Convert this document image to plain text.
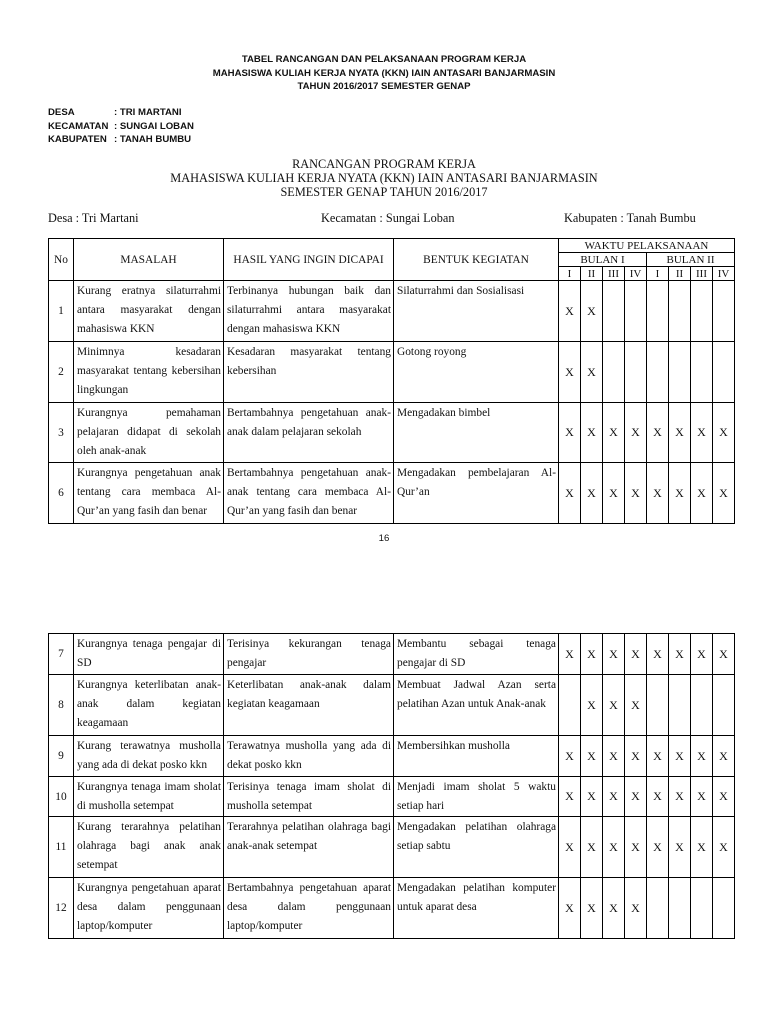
TABEL RANCANGAN DAN PELAKSANAAN PROGRAM KERJA
MAHASISWA KULIAH KERJA NYATA (KKN) IAIN ANTASARI BANJARMASIN
TAHUN 2016/2017 SEMESTER GENAP
DESA	: TRI MARTANI
KECAMATAN : SUNGAI LOBAN
KABUPATEN : TANAH BUMBU
RANCANGAN PROGRAM KERJA
MAHASISWA KULIAH KERJA NYATA (KKN) IAIN ANTASARI BANJARMASIN
SEMESTER GENAP TAHUN 2016/2017
Desa : Tri Martani	Kecamatan : Sungai Loban	Kabupaten : Tanah Bumbu
No	MASALAH	HASIL YANG INGIN DICAPAI	BENTUK KEGIATAN	WAKTU PELAKSANAAN							
				BULAN I				BULAN II			
				I	II	III	IV	I	II	III	IV
1	Kurang eratnya silaturrahmi antara masyarakat dengan mahasiswa KKN	Terbinanya hubungan baik dan silaturrahmi antara masyarakat dengan mahasiswa KKN	Silaturrahmi dan Sosialisasi	X	X						
2	Minimnya kesadaran masyarakat tentang kebersihan lingkungan	Kesadaran masyarakat tentang kebersihan	Gotong royong	X	X						
3	Kurangnya pemahaman pelajaran didapat di sekolah oleh anak-anak	Bertambahnya pengetahuan anak-anak dalam pelajaran sekolah	Mengadakan bimbel	X	X	X	X	X	X	X	X
6	Kurangnya pengetahuan anak tentang cara membaca Al-Qur’an yang fasih dan benar	Bertambahnya pengetahuan anak-anak tentang cara membaca Al-Qur’an yang fasih dan benar	Mengadakan pembelajaran Al-Qur’an	X	X	X	X	X	X	X	X
16
7	Kurangnya tenaga pengajar di SD	Terisinya kekurangan tenaga pengajar	Membantu sebagai tenaga pengajar di SD	X	X	X	X	X	X	X	X
8	Kurangnya keterlibatan anak-anak dalam kegiatan keagamaan	Keterlibatan anak-anak dalam kegiatan keagamaan	Membuat Jadwal Azan serta pelatihan Azan untuk Anak-anak		X	X	X				
9	Kurang terawatnya musholla yang ada di dekat posko kkn	Terawatnya musholla yang ada di dekat posko kkn	Membersihkan musholla	X	X	X	X	X	X	X	X
10	Kurangnya tenaga imam sholat di musholla setempat	Terisinya tenaga imam sholat di musholla setempat	Menjadi imam sholat 5 waktu setiap hari	X	X	X	X	X	X	X	X
11	Kurang terarahnya pelatihan olahraga bagi anak anak setempat	Terarahnya pelatihan olahraga bagi anak-anak setempat	Mengadakan pelatihan olahraga setiap sabtu	X	X	X	X	X	X	X	X
12	Kurangnya pengetahuan aparat desa dalam penggunaan laptop/komputer	Bertambahnya pengetahuan aparat desa dalam penggunaan laptop/komputer	Mengadakan pelatihan komputer untuk aparat desa	X	X	X	X				
